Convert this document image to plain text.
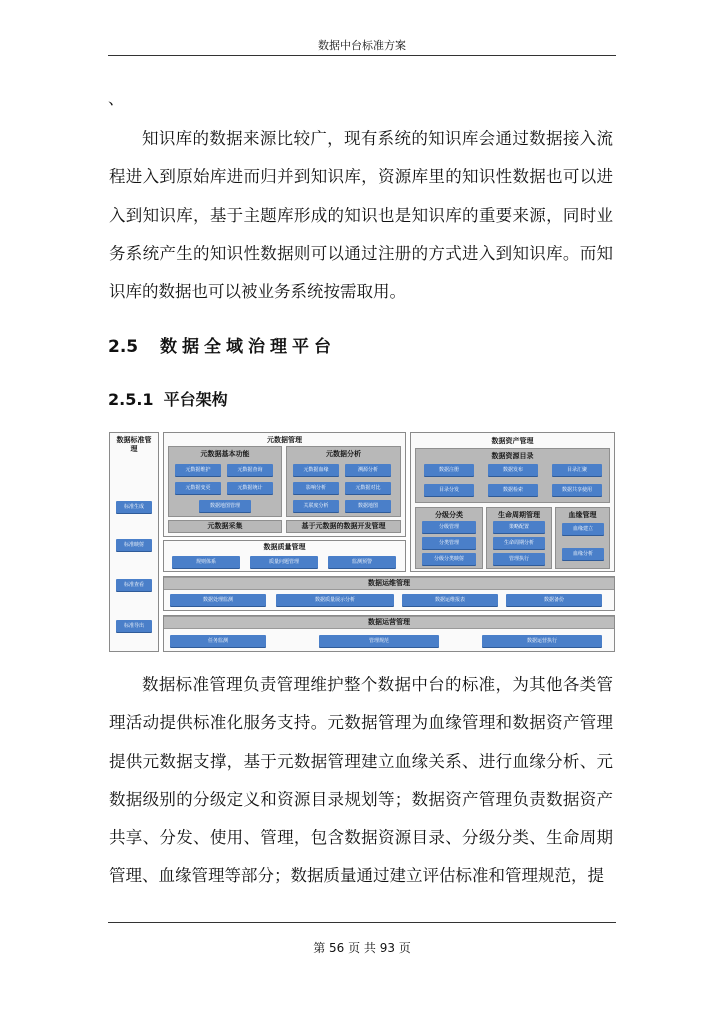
数据中台标准方案
、

知识库的数据来源比较广，现有系统的知识库会通过数据接入流程进入到原始库进而归并到知识库，资源库里的知识性数据也可以进入到知识库，基于主题库形成的知识也是知识库的重要来源，同时业务系统产生的知识性数据则可以通过注册的方式进入到知识库。而知识库的数据也可以被业务系统按需取用。

2.5 数据全域治理平台
2.5.1 平台架构
数据标准管理
标准生成
标准映射
标准查看
标准导出
元数据管理
元数据基本功能
元数据维护	元数据查询
元数据变更	元数据统计
数据地图管理
元数据分析
元数据血缘	溯源分析
影响分析	元数据对比
关联度分析	数据地图
元数据采集	基于元数据的数据开发管理
数据资产管理
数据资源目录
数据注册	数据发布	目录汇聚
目录分发	数据检索	数据共享使用
分级分类
分级管理
分类管理
分级分类映射
生命周期管理
策略配置
生命周期分析
管理执行
血缘管理
血缘建立
血缘分析
数据质量管理
规则体系	质量问题管理	监测预警
数据运维管理
数据处理监测	数据质量展示分析	数据运维报表	数据备份
数据运营管理
任务监测	管理规范	数据运营执行

数据标准管理负责管理维护整个数据中台的标准，为其他各类管理活动提供标准化服务支持。元数据管理为血缘管理和数据资产管理提供元数据支撑，基于元数据管理建立血缘关系、进行血缘分析、元数据级别的分级定义和资源目录规划等；数据资产管理负责数据资产共享、分发、使用、管理，包含数据资源目录、分级分类、生命周期管理、血缘管理等部分；数据质量通过建立评估标准和管理规范，提

第 56 页 共 93 页
